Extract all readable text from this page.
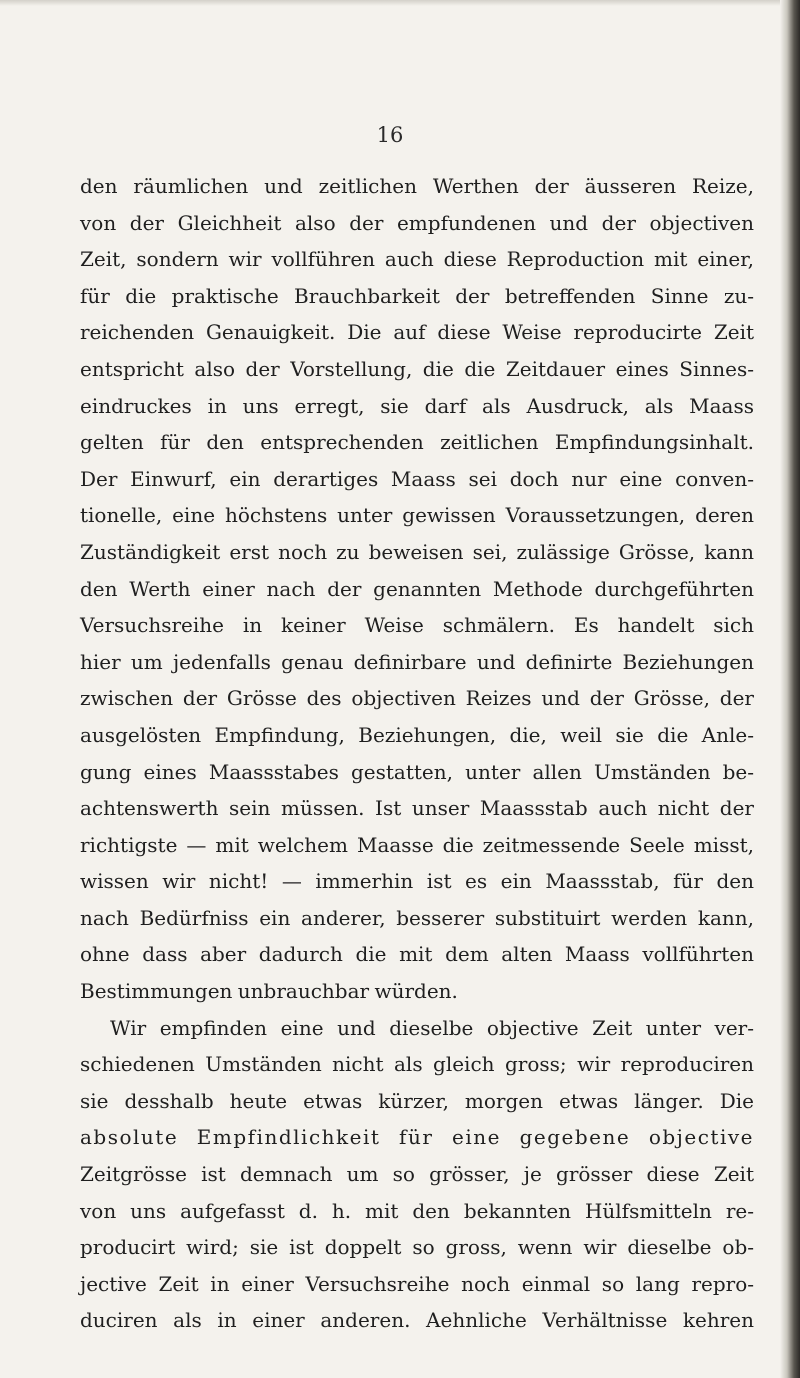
16
den räumlichen und zeitlichen Werthen der äusseren Reize,
von der Gleichheit also der empfundenen und der objectiven
Zeit, sondern wir vollführen auch diese Reproduction mit einer,
für die praktische Brauchbarkeit der betreffenden Sinne zu-
reichenden Genauigkeit. Die auf diese Weise reproducirte Zeit
entspricht also der Vorstellung, die die Zeitdauer eines Sinnes-
eindruckes in uns erregt, sie darf als Ausdruck, als Maass
gelten für den entsprechenden zeitlichen Empfindungsinhalt.
Der Einwurf, ein derartiges Maass sei doch nur eine conven-
tionelle, eine höchstens unter gewissen Voraussetzungen, deren
Zuständigkeit erst noch zu beweisen sei, zulässige Grösse, kann
den Werth einer nach der genannten Methode durchgeführten
Versuchsreihe in keiner Weise schmälern. Es handelt sich
hier um jedenfalls genau definirbare und definirte Beziehungen
zwischen der Grösse des objectiven Reizes und der Grösse, der
ausgelösten Empfindung, Beziehungen, die, weil sie die Anle-
gung eines Maassstabes gestatten, unter allen Umständen be-
achtenswerth sein müssen. Ist unser Maassstab auch nicht der
richtigste — mit welchem Maasse die zeitmessende Seele misst,
wissen wir nicht! — immerhin ist es ein Maassstab, für den
nach Bedürfniss ein anderer, besserer substituirt werden kann,
ohne dass aber dadurch die mit dem alten Maass vollführten
Bestimmungen unbrauchbar würden.
Wir empfinden eine und dieselbe objective Zeit unter ver-
schiedenen Umständen nicht als gleich gross; wir reproduciren
sie desshalb heute etwas kürzer, morgen etwas länger. Die
absolute Empfindlichkeit für eine gegebene objective
Zeitgrösse ist demnach um so grösser, je grösser diese Zeit
von uns aufgefasst d. h. mit den bekannten Hülfsmitteln re-
producirt wird; sie ist doppelt so gross, wenn wir dieselbe ob-
jective Zeit in einer Versuchsreihe noch einmal so lang repro-
duciren als in einer anderen. Aehnliche Verhältnisse kehren
